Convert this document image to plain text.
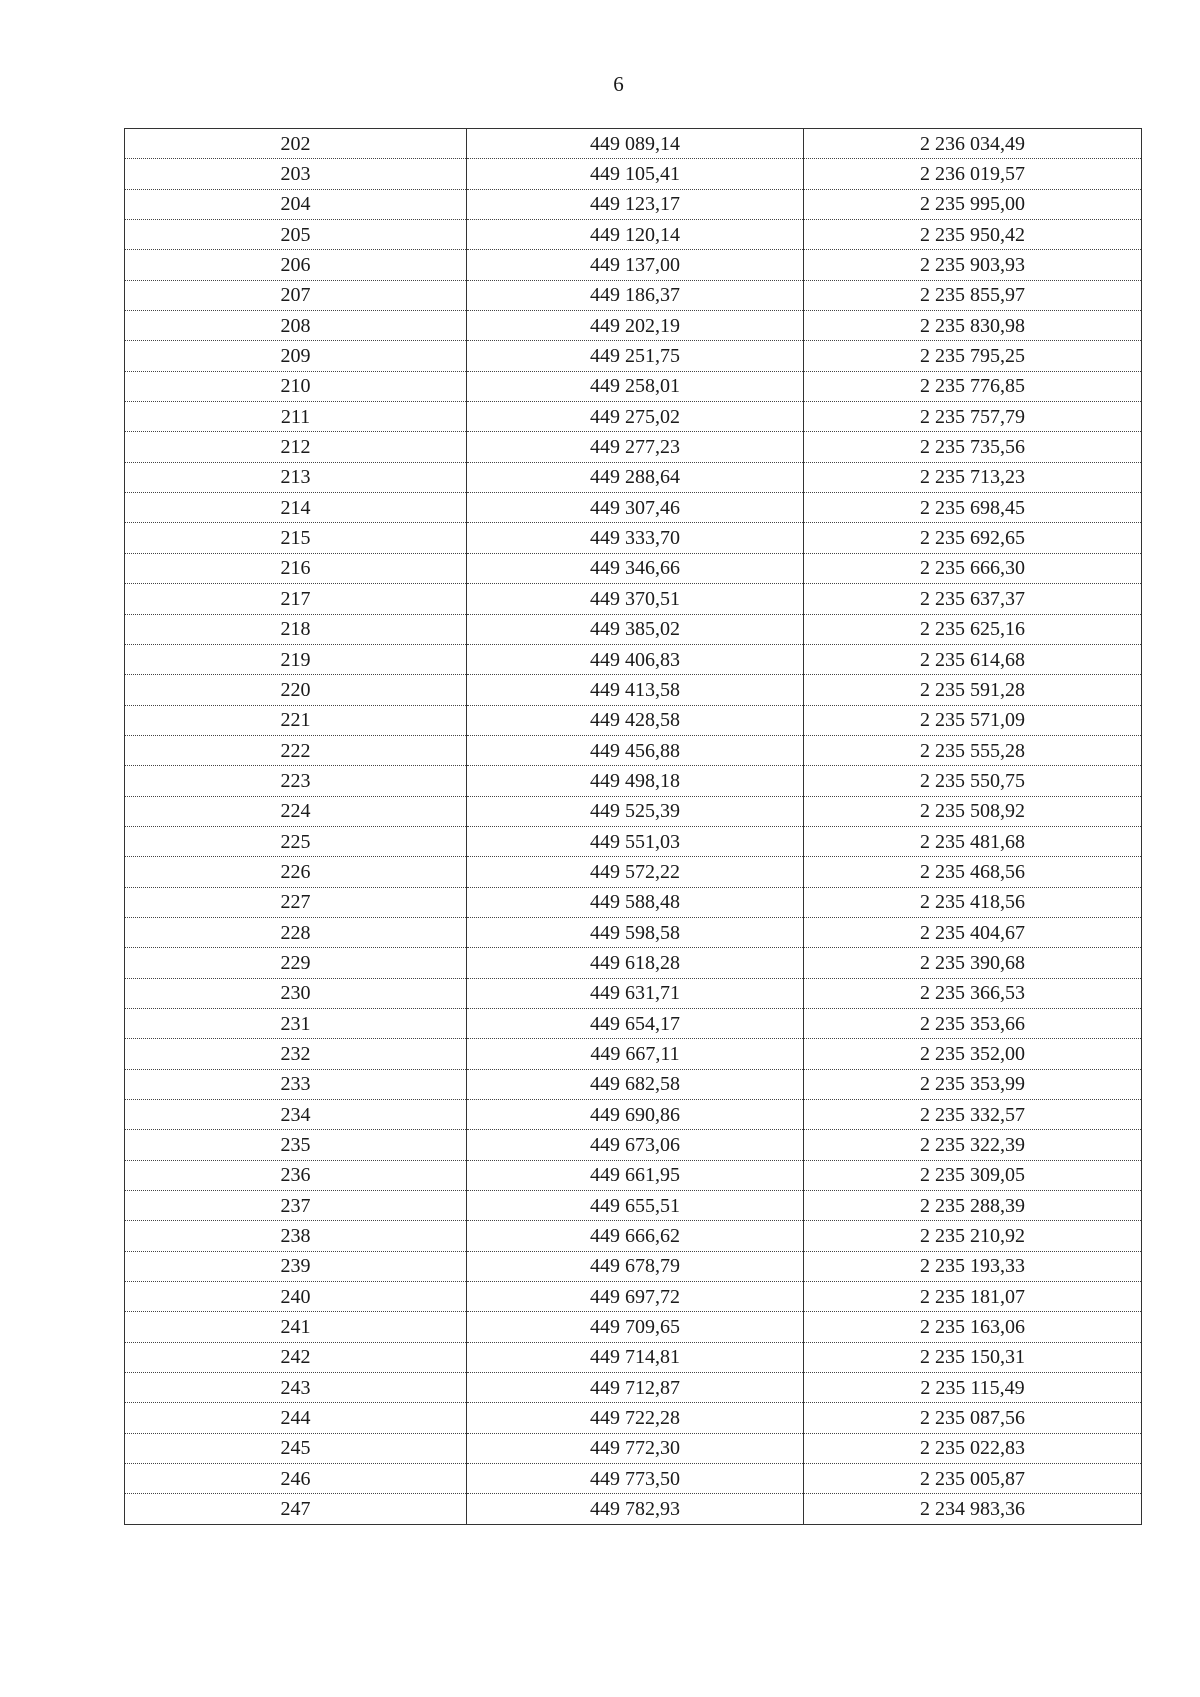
6
202	449 089,14	2 236 034,49
203	449 105,41	2 236 019,57
204	449 123,17	2 235 995,00
205	449 120,14	2 235 950,42
206	449 137,00	2 235 903,93
207	449 186,37	2 235 855,97
208	449 202,19	2 235 830,98
209	449 251,75	2 235 795,25
210	449 258,01	2 235 776,85
211	449 275,02	2 235 757,79
212	449 277,23	2 235 735,56
213	449 288,64	2 235 713,23
214	449 307,46	2 235 698,45
215	449 333,70	2 235 692,65
216	449 346,66	2 235 666,30
217	449 370,51	2 235 637,37
218	449 385,02	2 235 625,16
219	449 406,83	2 235 614,68
220	449 413,58	2 235 591,28
221	449 428,58	2 235 571,09
222	449 456,88	2 235 555,28
223	449 498,18	2 235 550,75
224	449 525,39	2 235 508,92
225	449 551,03	2 235 481,68
226	449 572,22	2 235 468,56
227	449 588,48	2 235 418,56
228	449 598,58	2 235 404,67
229	449 618,28	2 235 390,68
230	449 631,71	2 235 366,53
231	449 654,17	2 235 353,66
232	449 667,11	2 235 352,00
233	449 682,58	2 235 353,99
234	449 690,86	2 235 332,57
235	449 673,06	2 235 322,39
236	449 661,95	2 235 309,05
237	449 655,51	2 235 288,39
238	449 666,62	2 235 210,92
239	449 678,79	2 235 193,33
240	449 697,72	2 235 181,07
241	449 709,65	2 235 163,06
242	449 714,81	2 235 150,31
243	449 712,87	2 235 115,49
244	449 722,28	2 235 087,56
245	449 772,30	2 235 022,83
246	449 773,50	2 235 005,87
247	449 782,93	2 234 983,36
